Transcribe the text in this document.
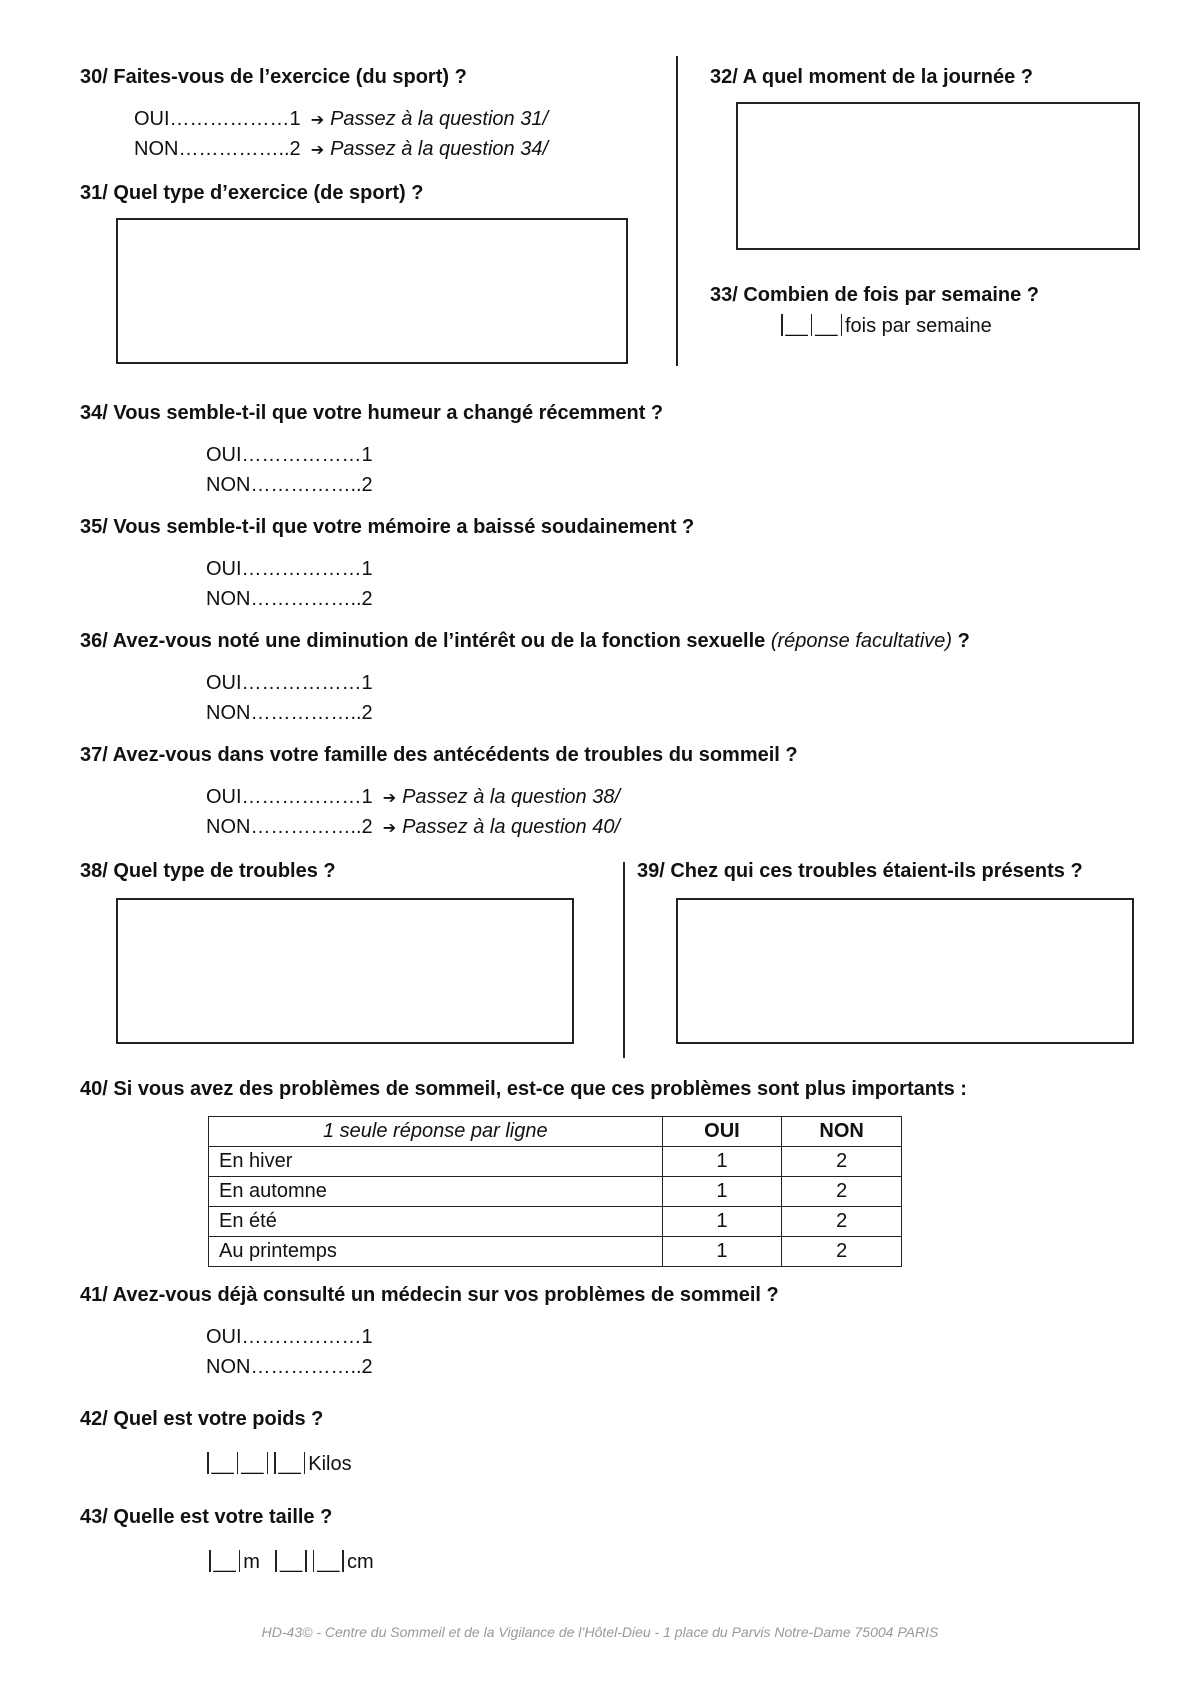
30/ Faites-vous de l’exercice (du sport) ?
OUI………………1 ➔ Passez à la question 31/
NON……………..2 ➔ Passez à la question 34/
31/ Quel type d’exercice (de sport) ?
32/ A quel moment de la journée ?
33/ Combien de fois par semaine ?
__ __ fois par semaine
34/ Vous semble-t-il que votre humeur a changé récemment ?
OUI………………1
NON……………..2
35/ Vous semble-t-il que votre mémoire a baissé soudainement ?
OUI………………1
NON……………..2
36/ Avez-vous noté une diminution de l’intérêt ou de la fonction sexuelle (réponse facultative) ?
OUI………………1
NON……………..2
37/ Avez-vous dans votre famille des antécédents de troubles du sommeil ?
OUI………………1 ➔ Passez à la question 38/
NON……………..2 ➔ Passez à la question 40/
38/ Quel type de troubles ?	39/ Chez qui ces troubles étaient-ils présents ?
40/ Si vous avez des problèmes de sommeil, est-ce que ces problèmes sont plus importants :
1 seule réponse par ligne	OUI	NON
En hiver	1	2
En automne	1	2
En été	1	2
Au printemps	1	2
41/ Avez-vous déjà consulté un médecin sur vos problèmes de sommeil ?
OUI………………1
NON……………..2
42/ Quel est votre poids ?
__ __ __ Kilos
43/ Quelle est votre taille ?
__ m __ __ cm
HD-43© - Centre du Sommeil et de la Vigilance de l’Hôtel-Dieu - 1 place du Parvis Notre-Dame 75004 PARIS
